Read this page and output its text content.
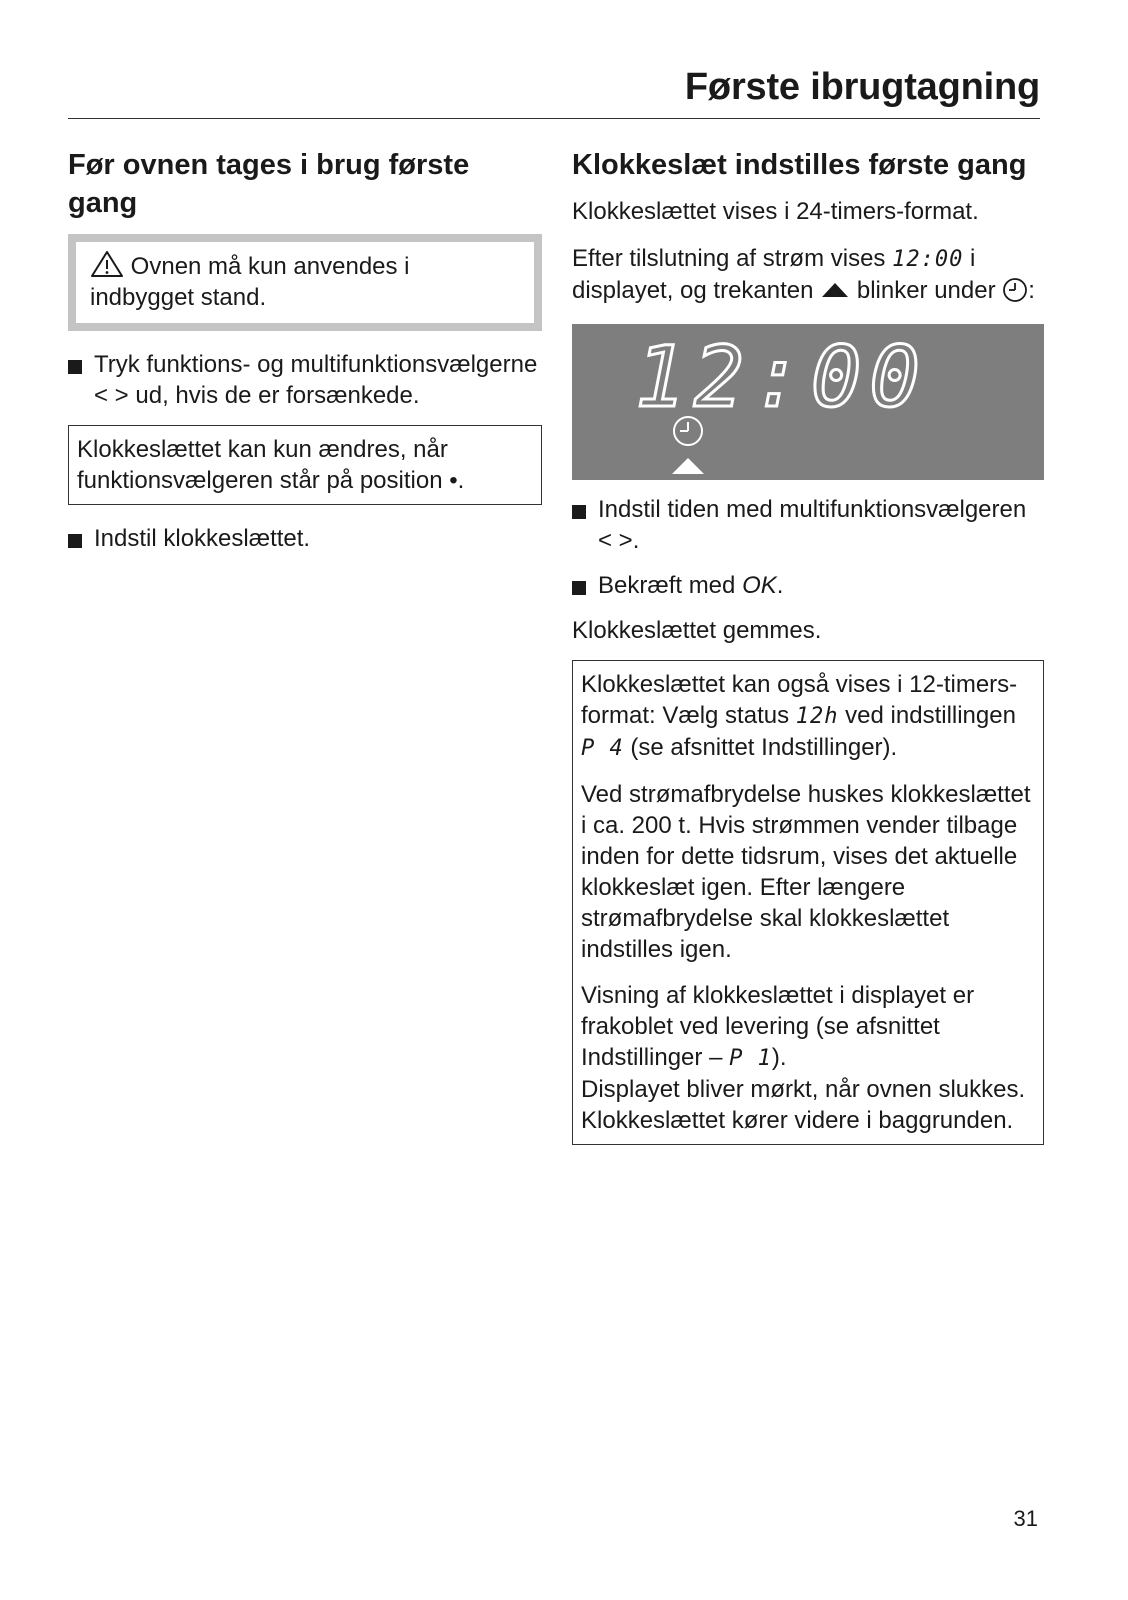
Første ibrugtagning
Før ovnen tages i brug første gang
Ovnen må kun anvendes i indbygget stand.
Tryk funktions- og multifunktionsvælgerne < > ud, hvis de er forsænkede.

Klokkeslættet kan kun ændres, når funktionsvælgeren står på position •.

Indstil klokkeslættet.
Klokkeslæt indstilles første gang

Klokkeslættet vises i 24-timers-format.

Efter tilslutning af strøm vises 12:00 i displayet, og trekanten blinker under :

12:00
Indstil tiden med multifunktionsvælgeren < >.
Bekræft med OK.

Klokkeslættet gemmes.

Klokkeslættet kan også vises i 12-timers-format: Vælg status 12h ved indstillingen P 4 (se afsnittet Indstillinger).

Ved strømafbrydelse huskes klokkeslættet i ca. 200 t. Hvis strømmen vender tilbage inden for dette tidsrum, vises det aktuelle klokkeslæt igen. Efter længere strømafbrydelse skal klokkeslættet indstilles igen.

Visning af klokkeslættet i displayet er frakoblet ved levering (se afsnittet Indstillinger – P 1).
Displayet bliver mørkt, når ovnen slukkes. Klokkeslættet kører videre i baggrunden.

31
